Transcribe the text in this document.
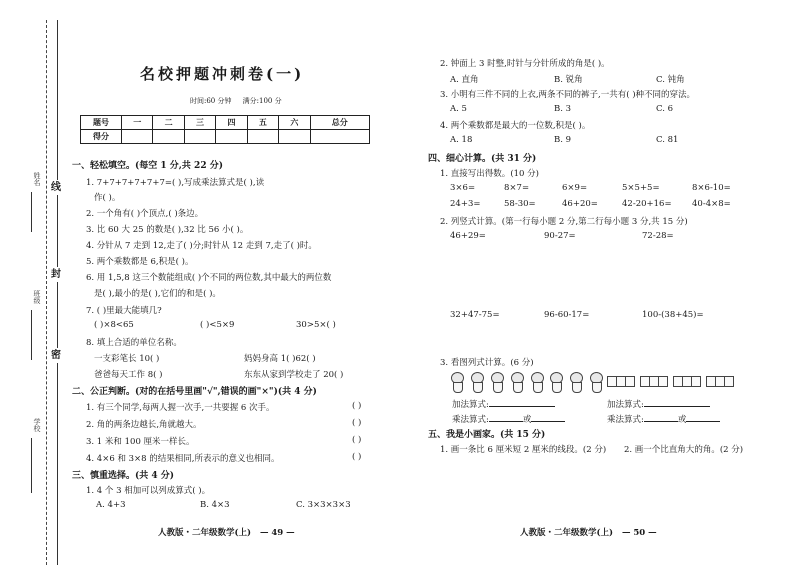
姓名
班级
学校
线
封
密
名校押题冲刺卷(一)
时间:60 分钟 满分:100 分
题号	一	二	三	四	五	六	总分
得分							
一、轻松填空。(每空 1 分,共 22 分)
1. 7+7+7+7+7+7=( ),写成乘法算式是( ),读
作( )。
2. 一个角有( )个顶点,( )条边。
3. 比 60 大 25 的数是( ),32 比 56 小( )。
4. 分针从 7 走到 12,走了( )分;时针从 12 走到 7,走了( )时。
5. 两个乘数都是 6,积是( )。
6. 用 1,5,8 这三个数能组成( )个不同的两位数,其中最大的两位数
是( ),最小的是( ),它们的和是( )。
7. ( )里最大能填几?
( )×8<65	( )<5×9	30>5×( )
8. 填上合适的单位名称。
一支彩笔长 10( )	妈妈身高 1( )62( )
爸爸每天工作 8( )	东东从家到学校走了 20( )
二、公正判断。(对的在括号里画"√",错误的画"×")(共 4 分)
1. 有三个同学,每两人握一次手,一共要握 6 次手。	( )
2. 角的两条边越长,角就越大。	( )
3. 1 米和 100 厘米一样长。	( )
4. 4×6 和 3×8 的结果相同,所表示的意义也相同。	( )
三、慎重选择。(共 4 分)
1. 4 个 3 相加可以列成算式( )。
A. 4+3	B. 4×3	C. 3×3×3×3
人教版・二年级数学(上) — 49 —
2. 钟面上 3 时整,时针与分针所成的角是( )。
A. 直角	B. 锐角	C. 钝角
3. 小明有三件不同的上衣,两条不同的裤子,一共有( )种不同的穿法。
A. 5	B. 3	C. 6
4. 两个乘数都是最大的一位数,积是( )。
A. 18	B. 9	C. 81
四、细心计算。(共 31 分)
1. 直接写出得数。(10 分)
3×6=	8×7=	6×9=	5×5+5=	8×6-10=
24+3=	58-30=	46+20=	42-20+16= 40-4×8=
2. 列竖式计算。(第一行每小题 2 分,第二行每小题 3 分,共 15 分)
46+29=	90-27=	72-28=
32+47-75=	96-60-17=	100-(38+45)=
3. 看图列式计算。(6 分)

加法算式:
乘法算式:	或
加法算式:
乘法算式:	或
五、我是小画家。(共 15 分)
1. 画一条比 6 厘米短 2 厘米的线段。(2 分) 2. 画一个比直角大的角。(2 分)
人教版・二年级数学(上) — 50 —
